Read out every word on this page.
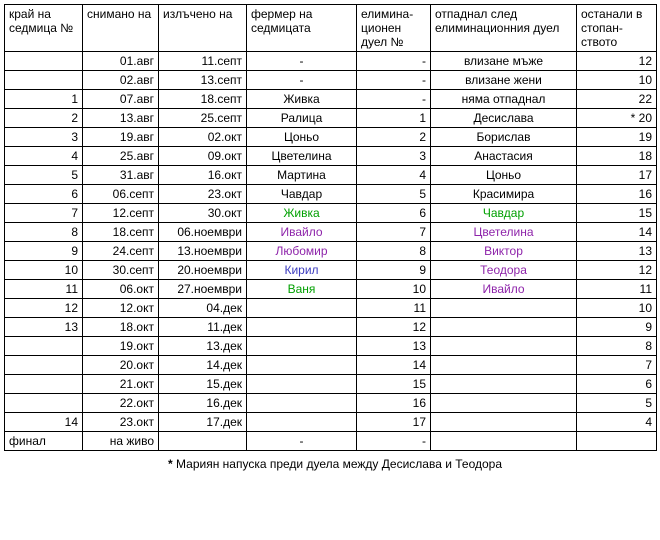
край на седмица №	снимано на	излъчено на	фермер на седмицата	елимина-ционен дуел №	отпаднал след елиминационния дуел	останали в стопан-ството
	01.авг	11.септ	-	-	влизане мъже	12
	02.авг	13.септ	-	-	влизане жени	10
1	07.авг	18.септ	Живка	-	няма отпаднал	22
2	13.авг	25.септ	Ралица	1	Десислава	* 20
3	19.авг	02.окт	Цоньо	2	Борислав	19
4	25.авг	09.окт	Цветелина	3	Анастасия	18
5	31.авг	16.окт	Мартина	4	Цоньо	17
6	06.септ	23.окт	Чавдар	5	Красимира	16
7	12.септ	30.окт	Живка	6	Чавдар	15
8	18.септ	06.ноември	Ивайло	7	Цветелина	14
9	24.септ	13.ноември	Любомир	8	Виктор	13
10	30.септ	20.ноември	Кирил	9	Теодора	12
11	06.окт	27.ноември	Ваня	10	Ивайло	11
12	12.окт	04.дек		11		10
13	18.окт	11.дек		12		9
	19.окт	13.дек		13		8
	20.окт	14.дек		14		7
	21.окт	15.дек		15		6
	22.окт	16.дек		16		5
14	23.окт	17.дек		17		4
финал	на живо		-	-		
* Мариян напуска преди дуела между Десислава и Теодора
